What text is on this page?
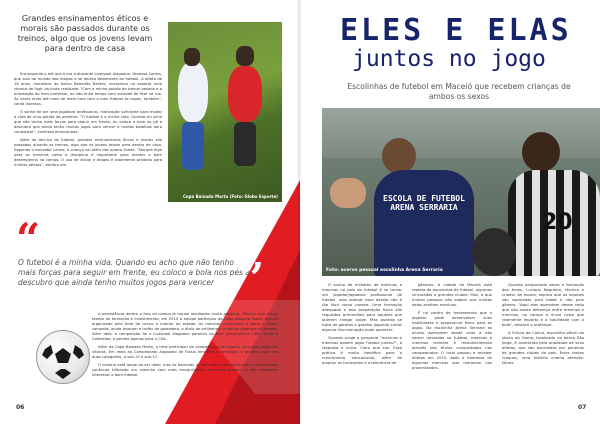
Grandes ensinamentos éticos e morais são passados durante os treinos, algo que os jovens levam para dentro de casa

Era segunda o até que o era a atacante Liverpool Alagoano, Vanessa Correa, que saiu do mundo das drogas e se dedica totalmente ao futebol. A atleta de 16 anos, moradora do bairro Benedito Bentes, encontrou no esporte uma chance de fugir da triste realidade. "Com a minha paixão de treinar pesada e a orientação do meu professor, eu não tinha tempo nem vontade de ficar na rua. Às vezes ando até mais de meia hora com o meu futebol às cegas, também", conta Vanessa.

O sonho de ser uma jogadora profissional, motivação suficiente para mudar a vida de uma garota da periferia. "O futebol é a minha vida. Quando eu acho que não tenho mais forças para seguir em frente, eu coloco a bola no pé e descubro que ainda tenho muitos jogos para vencer e muitas batalhas para conquistar", confessa emocionada.

Além da técnica do futebol, grandes ensinamentos éticos e morais são passados durante os treinos, algo que os jovens levam para dentro de casa. Segundo o treinador Lenno, a criança vai além das quatro linhas. "Sempre digo para as meninas como a disciplina é importante para manter o bom desempenho no campo. O uso de álcool e drogas é totalmente proibido para minhas atletas", declara ele.

Copa Baixada Marta (Foto: Globo Esporte)
“
O futebol é a minha vida. Quando eu acho que não tenho mais forças para seguir em frente, eu coloco a bola nos pés e descubro que ainda tenho muitos jogos para vencer ”

A persistência dentro e fora do campo já trouxe resultados muito positivos. Mesmo com pouco tempo de formação e investimento, em 2015 a equipe participou da Copa Baixada Marta, torneio organizado pelo time de Lenno e interior do estado. As meninas mostraram a garra e foram campeãs, ainda levaram o troféu de goleadora, o título de artilheira e a melhor jogadora do torneio. Além dela, a competição foi o Liverpool Alagoano garantiu do bom desempenho CBA, Ibirité e Cofeastao, e perdeu apenas para a CSA.

Além da Copa Baixada Marta, o time participou de competições de futsal e conseguiu algumas vitórias. Em meio ao Campeonato Alagoano de Futsal feminino e conseguiu o terceiro lugar em duas categorias, a sub-15 e sub-17.

O cenário está longe do ser ideal, mas as barreiras já não estão impedindo que a equipe possa continuar trilhando um caminho com mais tranquilidade, buscando mostrar o que realmente interessa: o bom futebol.

06
ELES E ELAS
juntos no jogo
Escolinhas de futebol em Maceió que recebem crianças de ambos os sexos
ESCOLA DE FUTEBOL ARENA SERRARIA
20
Foto: acervo pessoal escolinha Arena Serraria

O sonho de milhares de meninos e meninas no país do futebol é se tornar um jogador/jogadora profissional de futebol, mas realizar esse desejo não é tão fácil como parece. Uma formação adequada e boa preparação física são requisitos primordiais para aqueles que querem chegar longe. Mas quando se trata de garotas e garotos jogando juntos alguma discriminação pode aparecer.

Quando surge a pergunta "meninas e meninos podem jogar futebol juntos?", a resposta é única: Claro que sim. Essa prática é muito benéfica para o crescimento educacional, além de ampliar os horizontes e a tolerância de

gêneros. A cidade de Maceió está repleta de escolinhas de futebol, algumas vinculadas a grandes clubes. Mas, o que muitas pessoas não sabem que muitas delas aceitam meninas.

É no centro de treinamento que o jogador pode desenvolver suas habilidades e preparar-se físico para os jogos. Na escolinha Arena Serraria as alunas aprendem desde cedo a não serem rotuladas no futebol, meninas e meninas treinam e reconhecimento através dos títulos conquistados nos campeonatos. O local passou a receber atletas em 2015, após o interesse de algumas meninas que moravam nas proximidades.

Quando perguntado sobre a formação dos times, Luciano Nogueira, técnico e criador da escola, explica que as equipes são separadas pela idade e não pelo gênero. "Aqui elas aprendem desde cedo que não existe diferença entre meninos e meninos, no campo a única coisa que realmente importa é a habilidade com a bola", destaca o professor.

A Futuro da Colina, escolinha oficial do Vasco da Gama, localizada no bairro São Jorge, é conhecida pela qualidade de seus atletas, que são escolhidos por peneiras de grandes clubes do país. Entre tantos craques, uma história chama atenção. Nicole

07
